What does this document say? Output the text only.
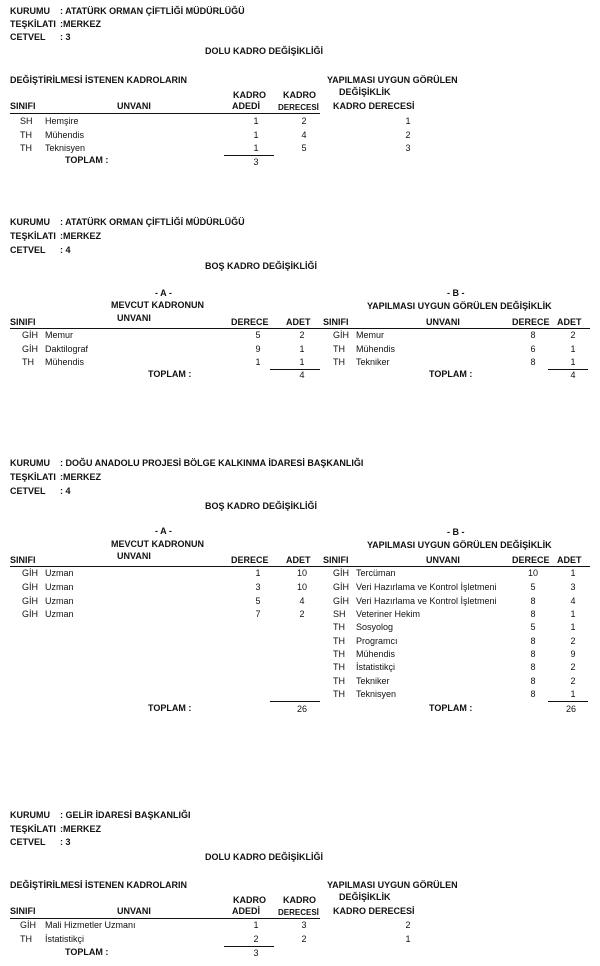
KURUMU : ATATÜRK ORMAN ÇİFTLİĞİ MÜDÜRLÜĞÜ
TEŞKİLATI :MERKEZ
CETVEL : 3
DOLU KADRO DEĞİŞİKLİĞİ
DEĞİŞTİRİLMESİ İSTENEN KADROLARIN	YAPILMASI UYGUN GÖRÜLEN
DEĞİŞİKLİK
KADRO KADRO
SINIFI	UNVANI	ADEDİ DERECESİ KADRO DERECESİ
SH Hemşire	1	2	1
TH Mühendis	1	4	2
TH Teknisyen	1	5	3
TOPLAM :	3
KURUMU : ATATÜRK ORMAN ÇİFTLİĞİ MÜDÜRLÜĞÜ
TEŞKİLATI :MERKEZ
CETVEL : 4
BOŞ KADRO DEĞİŞİKLİĞİ
- A -	- B -
MEVCUT KADRONUN	YAPILMASI UYGUN GÖRÜLEN DEĞİŞİKLİK
UNVANI
SINIFI	DERECE ADET SINIFI	UNVANI	DERECE ADET
GİH Memur	5	2
GİH Daktilograf	9	1
TH Mühendis	1	1
GİH Memur	8	2
TH Mühendis	6	1
TH Tekniker	8	1
TOPLAM :	4	TOPLAM :	4
KURUMU : DOĞU ANADOLU PROJESİ BÖLGE KALKINMA İDARESİ BAŞKANLIĞI
TEŞKİLATI :MERKEZ
CETVEL : 4
BOŞ KADRO DEĞİŞİKLİĞİ
- A -	- B -
MEVCUT KADRONUN	YAPILMASI UYGUN GÖRÜLEN DEĞİŞİKLİK
UNVANI
SINIFI	DERECE ADET SINIFI	UNVANI	DERECE ADET
GİH Uzman	1	10
GİH Uzman	3	10
GİH Uzman	5	4
GİH Uzman	7	2
GİH Tercüman	10	1
GİH Veri Hazırlama ve Kontrol İşletmeni	5	3
GİH Veri Hazırlama ve Kontrol İşletmeni	8	4
SH Veteriner Hekim	8	1
TH Sosyolog	5	1
TH Programcı	8	2
TH Mühendis	8	9
TH İstatistikçi	8	2
TH Tekniker	8	2
TH Teknisyen	8	1
TOPLAM :	26	TOPLAM :	26
KURUMU : GELİR İDARESİ BAŞKANLIĞI
TEŞKİLATI :MERKEZ
CETVEL : 3
DOLU KADRO DEĞİŞİKLİĞİ
DEĞİŞTİRİLMESİ İSTENEN KADROLARIN	YAPILMASI UYGUN GÖRÜLEN
DEĞİŞİKLİK
KADRO KADRO
SINIFI	UNVANI	ADEDİ DERECESİ KADRO DERECESİ
GİH Mali Hizmetler Uzmanı	1	3	2
TH İstatistikçi	2	2	1
TOPLAM :	3
